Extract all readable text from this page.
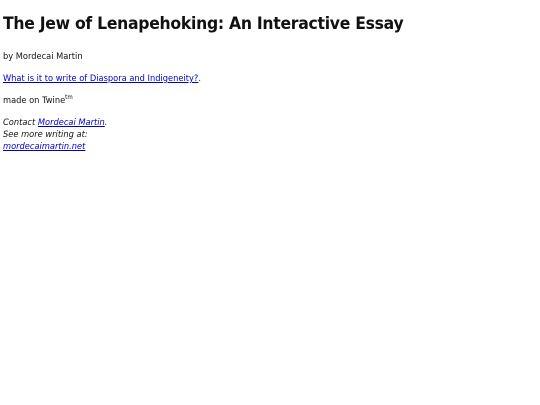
The Jew of Lenapehoking: An Interactive Essay

by Mordecai Martin

What is it to write of Diaspora and Indigeneity?.

made on Twine$^{tm}$

Contact Mordecai Martin.

See more writing at:

mordecaimartin.net
